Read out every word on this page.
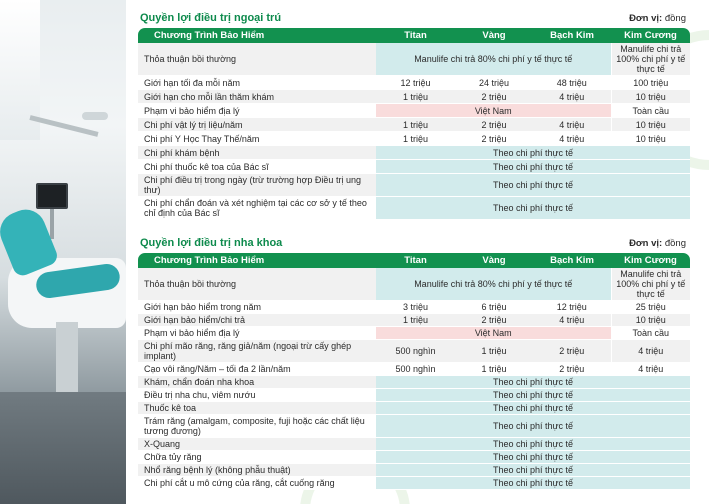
Quyền lợi điều trị ngoại trú	Đơn vị: đồng
Chương Trình Bảo Hiểm	Titan	Vàng	Bạch Kim	Kim Cương
Thỏa thuận bồi thường	Manulife chi trả 80% chi phí y tế thực tế			Manulife chi trả 100% chi phí y tế thực tế
Giới hạn tối đa mỗi năm	12 triệu	24 triệu	48 triệu	100 triệu
Giới hạn cho mỗi lần thăm khám	1 triệu	2 triệu	4 triệu	10 triệu
Phạm vi bảo hiểm địa lý	Việt Nam			Toàn cầu
Chi phí vật lý trị liệu/năm	1 triệu	2 triệu	4 triệu	10 triệu
Chi phí Y Học Thay Thế/năm	1 triệu	2 triệu	4 triệu	10 triệu
Chi phí khám bệnh	Theo chi phí thực tế			
Chi phí thuốc kê toa của Bác sĩ	Theo chi phí thực tế			
Chi phí điều trị trong ngày (trừ trường hợp Điều trị ung thư)	Theo chi phí thực tế			
Chi phí chẩn đoán và xét nghiệm tại các cơ sở y tế theo chỉ định của Bác sĩ	Theo chi phí thực tế			
Quyền lợi điều trị nha khoa	Đơn vị: đồng
Chương Trình Bảo Hiểm	Titan	Vàng	Bạch Kim	Kim Cương
Thỏa thuận bồi thường	Manulife chi trả 80% chi phí y tế thực tế			Manulife chi trả 100% chi phí y tế thực tế
Giới hạn bảo hiểm trong năm	3 triệu	6 triệu	12 triệu	25 triệu
Giới hạn bảo hiểm/chi trả	1 triệu	2 triệu	4 triệu	10 triệu
Phạm vi bảo hiểm địa lý	Việt Nam			Toàn cầu
Chi phí mão răng, răng giả/năm (ngoại trừ cấy ghép implant)	500 nghìn	1 triệu	2 triệu	4 triệu
Cạo vôi răng/Năm – tối đa 2 lần/năm	500 nghìn	1 triệu	2 triệu	4 triệu
Khám, chẩn đoán nha khoa	Theo chi phí thực tế			
Điều trị nha chu, viêm nướu	Theo chi phí thực tế			
Thuốc kê toa	Theo chi phí thực tế			
Trám răng (amalgam, composite, fuji hoặc các chất liệu tương đương)	Theo chi phí thực tế			
X-Quang	Theo chi phí thực tế			
Chữa tủy răng	Theo chi phí thực tế			
Nhổ răng bệnh lý (không phẫu thuật)	Theo chi phí thực tế			
Chi phí cắt u mô cứng của răng, cắt cuống răng	Theo chi phí thực tế			
